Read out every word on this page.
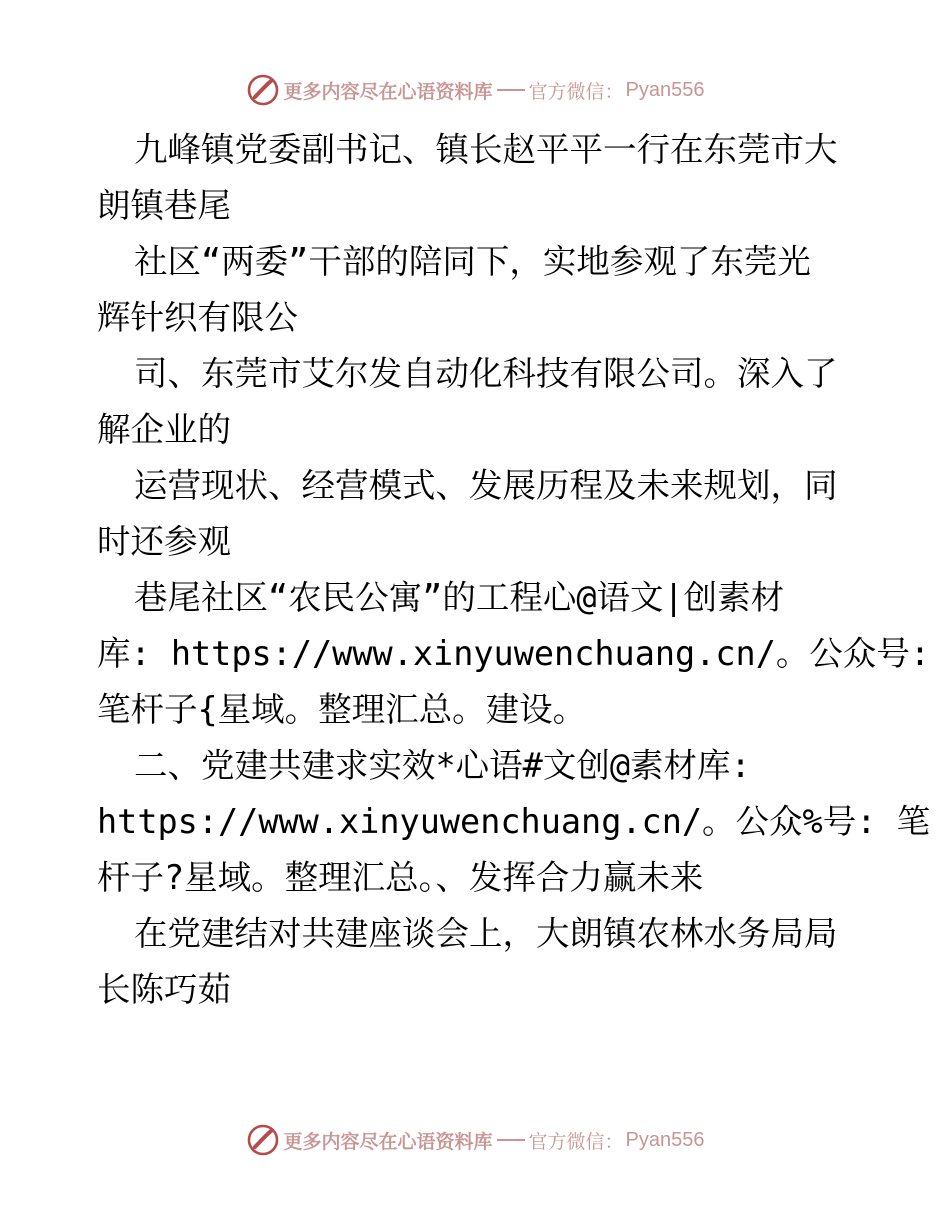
更多内容尽在心语资料库 官方微信： Pyan556
九峰镇党委副书记、镇长赵平平一行在东莞市大
朗镇巷尾
社区“两委”干部的陪同下，实地参观了东莞光
辉针织有限公
司、东莞市艾尔发自动化科技有限公司。深入了
解企业的
运营现状、经营模式、发展历程及未来规划，同
时还参观
巷尾社区“农民公寓”的工程心@语文|创素材
库: https://www.xinyuwenchuang.cn/。公众号:
笔杆子{星域。整理汇总。建设。
二、党建共建求实效*心语#文创@素材库:
https://www.xinyuwenchuang.cn/。公众%号: 笔
杆子?星域。整理汇总。、发挥合力赢未来
在党建结对共建座谈会上，大朗镇农林水务局局
长陈巧茹
更多内容尽在心语资料库 官方微信： Pyan556
